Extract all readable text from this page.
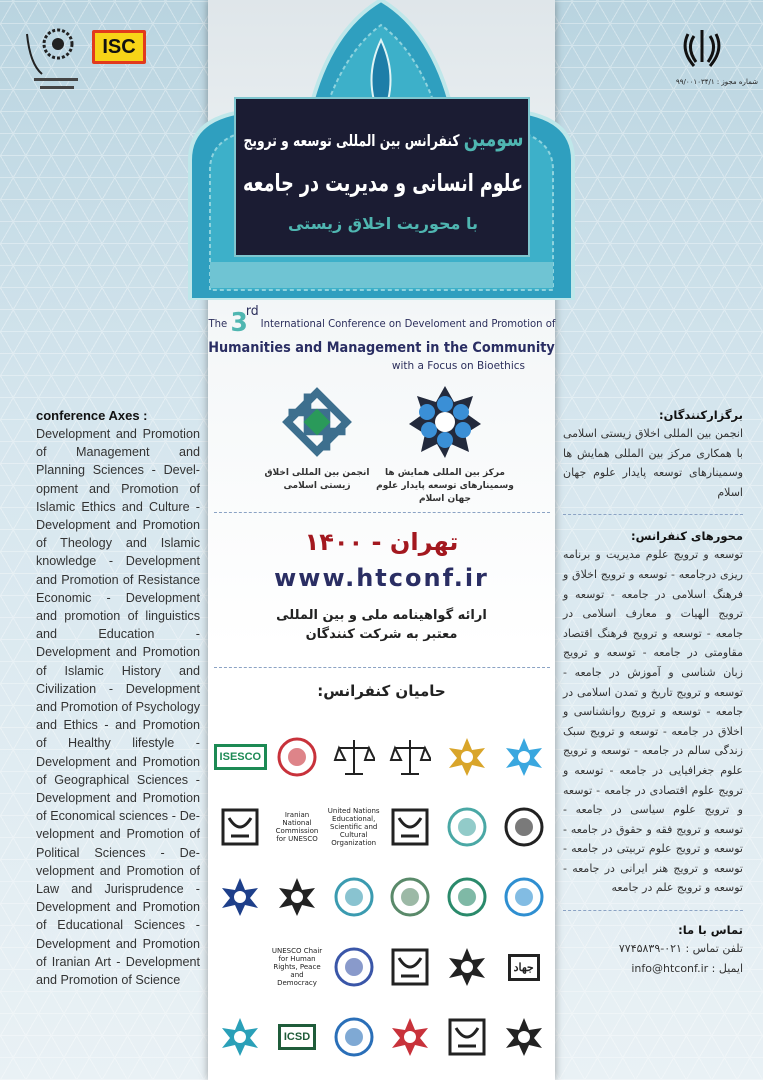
سومین کنفرانس بین المللی توسعه و ترویج
علوم انسانی و مدیریت در جامعه
با محوریت اخلاق زیستی
ISC
شماره مجوز : ۹۹/۰۰۱۰۳۴/۱
The 3rdInternational Conference on Develoment and Promotion of
Humanities and Management in the Community
with a Focus on Bioethics
مرکز بین المللی همایش ها وسمینارهای توسعه پایدار علوم جهان اسلام
انجمن بین المللی اخلاق زیستی اسلامی
تهران - ۱۴۰۰
www.htconf.ir
ارائه گواهینامه ملی و بین المللی معتبر به شرکت کنندگان
حامیان کنفرانس:
ISESCO
United Nations Educational, Scientific and Cultural Organization
Iranian National Commission for UNESCO
جهاد
UNESCO Chair for Human Rights, Peace and Democracy
ICSD
conference Axes :

Development and Promotion of Management and Planning Sciences - Development and Promotion of Islamic Ethics and Culture - Development and Promotion of Theology and Islamic knowledge - Development and Promotion of Resistance Economic - Development and promotion of linguistics and Education - Development and Promotion of Islamic History and Civilization - Development and Promotion of Psychology and Ethics - and Promotion of Healthy lifestyle - Development and Promotion of Geographical Sciences - Development and Promotion of Economical sciences - Development and Promotion of Political Sciences - Development and Promotion of Law and Jurisprudence - Development and Promotion of Educational Sciences - Development and Promotion of Iranian Art - Development and Promotion of Science

برگزارکنندگان:

انجمن بین المللی اخلاق زیستی اسلامی با همکاری مرکز بین المللی همایش ها وسمینارهای توسعه پایدار علوم جهان اسلام

محورهای کنفرانس:

توسعه و ترویج علوم مدیریت و برنامه ریزی درجامعه - توسعه و ترویج اخلاق و فرهنگ اسلامی در جامعه - توسعه و ترویج الهیات و معارف اسلامی در جامعه - توسعه و ترویج فرهنگ اقتصاد مقاومتی در جامعه - توسعه و ترویج زبان شناسی و آموزش در جامعه - توسعه و ترویج تاریخ و تمدن اسلامی در جامعه - توسعه و ترویج روانشناسی و اخلاق در جامعه - توسعه و ترویج سبک زندگی سالم در جامعه - توسعه و ترویج علوم جغرافیایی در جامعه - توسعه و ترویج علوم اقتصادی در جامعه - توسعه و ترویج علوم سیاسی در جامعه - توسعه و ترویج فقه و حقوق در جامعه - توسعه و ترویج علوم تربیتی در جامعه - توسعه و ترویج هنر ایرانی در جامعه - توسعه و ترویج علم در جامعه

تماس با ما:

تلفن تماس : ۰۲۱-۷۷۴۵۸۳۹

ایمیل : info@htconf.ir
